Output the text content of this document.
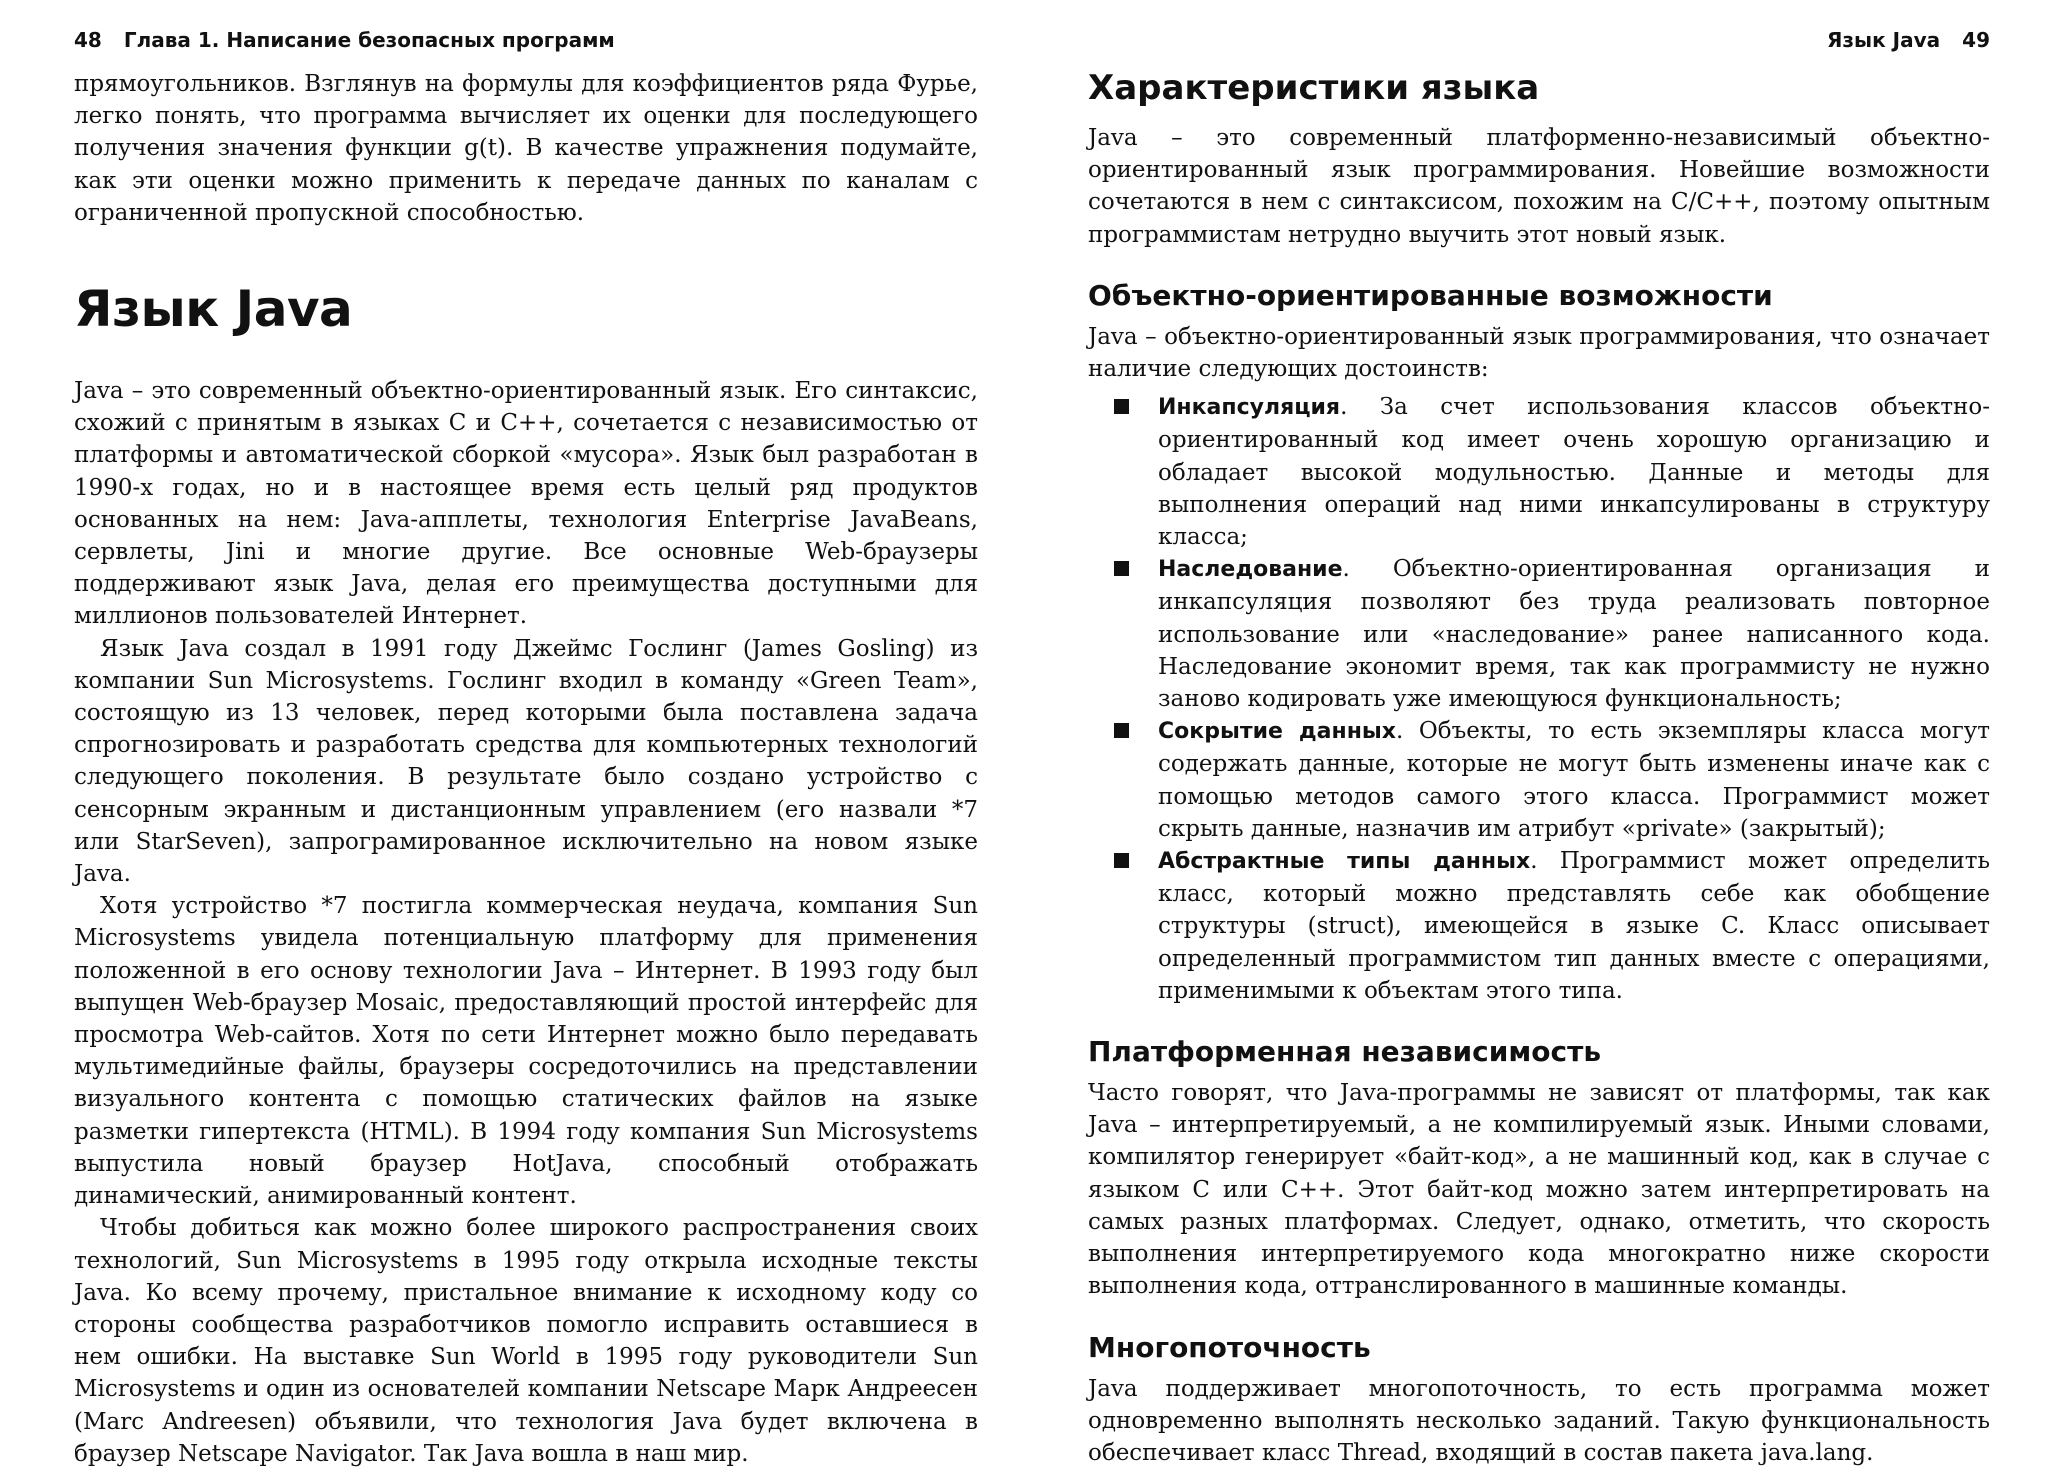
48 Глава 1. Написание безопасных программ

прямоугольников. Взглянув на формулы для коэффициентов ряда Фурье, легко понять, что программа вычисляет их оценки для последующего получения значения функции g(t). В качестве упражнения подумайте, как эти оценки можно применить к передаче данных по каналам с ограниченной пропускной способностью.

Язык Java

Java – это современный объектно-ориентированный язык. Его синтаксис, схожий с принятым в языках C и C++, сочетается с независимостью от платформы и автоматической сборкой «мусора». Язык был разработан в 1990-х годах, но и в настоящее время есть целый ряд продуктов основанных на нем: Java-апплеты, технология Enterprise JavaBeans, сервлеты, Jini и многие другие. Все основные Web-браузеры поддерживают язык Java, делая его преимущества доступными для миллионов пользователей Интернет.

Язык Java создал в 1991 году Джеймс Гослинг (James Gosling) из компании Sun Microsystems. Гослинг входил в команду «Green Team», состоящую из 13 человек, перед которыми была поставлена задача спрогнозировать и разработать средства для компьютерных технологий следующего поколения. В результате было создано устройство с сенсорным экранным и дистанционным управлением (его назвали *7 или StarSeven), запрограмированное исключительно на новом языке Java.

Хотя устройство *7 постигла коммерческая неудача, компания Sun Microsystems увидела потенциальную платформу для применения положенной в его основу технологии Java – Интернет. В 1993 году был выпущен Web-браузер Mosaic, предоставляющий простой интерфейс для просмотра Web-сайтов. Хотя по сети Интернет можно было передавать мультимедийные файлы, браузеры сосредоточились на представлении визуального контента с помощью статических файлов на языке разметки гипертекста (HTML). В 1994 году компания Sun Microsystems выпустила новый браузер HotJava, способный отображать динамический, анимированный контент.

Чтобы добиться как можно более широкого распространения своих технологий, Sun Microsystems в 1995 году открыла исходные тексты Java. Ко всему прочему, пристальное внимание к исходному коду со стороны сообщества разработчиков помогло исправить оставшиеся в нем ошибки. На выставке Sun World в 1995 году руководители Sun Microsystems и один из основателей компании Netscape Марк Андреесен (Marc Andreesen) объявили, что технология Java будет включена в браузер Netscape Navigator. Так Java вошла в наш мир.

Язык Java 49
Характеристики языка

Java – это современный платформенно-независимый объектно-ориентированный язык программирования. Новейшие возможности сочетаются в нем с синтаксисом, похожим на C/C++, поэтому опытным программистам нетрудно выучить этот новый язык.

Объектно-ориентированные возможности

Java – объектно-ориентированный язык программирования, что означает наличие следующих достоинств:

Инкапсуляция. За счет использования классов объектно-ориентированный код имеет очень хорошую организацию и обладает высокой модульностью. Данные и методы для выполнения операций над ними инкапсулированы в структуру класса;
Наследование. Объектно-ориентированная организация и инкапсуляция позволяют без труда реализовать повторное использование или «наследование» ранее написанного кода. Наследование экономит время, так как программисту не нужно заново кодировать уже имеющуюся функциональность;
Сокрытие данных. Объекты, то есть экземпляры класса могут содержать данные, которые не могут быть изменены иначе как с помощью методов самого этого класса. Программист может скрыть данные, назначив им атрибут «private» (закрытый);
Абстрактные типы данных. Программист может определить класс, который можно представлять себе как обобщение структуры (struct), имеющейся в языке C. Класс описывает определенный программистом тип данных вместе с операциями, применимыми к объектам этого типа.
Платформенная независимость

Часто говорят, что Java-программы не зависят от платформы, так как Java – интерпретируемый, а не компилируемый язык. Иными словами, компилятор генерирует «байт-код», а не машинный код, как в случае с языком C или C++. Этот байт-код можно затем интерпретировать на самых разных платформах. Следует, однако, отметить, что скорость выполнения интерпретируемого кода многократно ниже скорости выполнения кода, оттранслированного в машинные команды.

Многопоточность

Java поддерживает многопоточность, то есть программа может одновременно выполнять несколько заданий. Такую функциональность обеспечивает класс Thread, входящий в состав пакета java.lang.
